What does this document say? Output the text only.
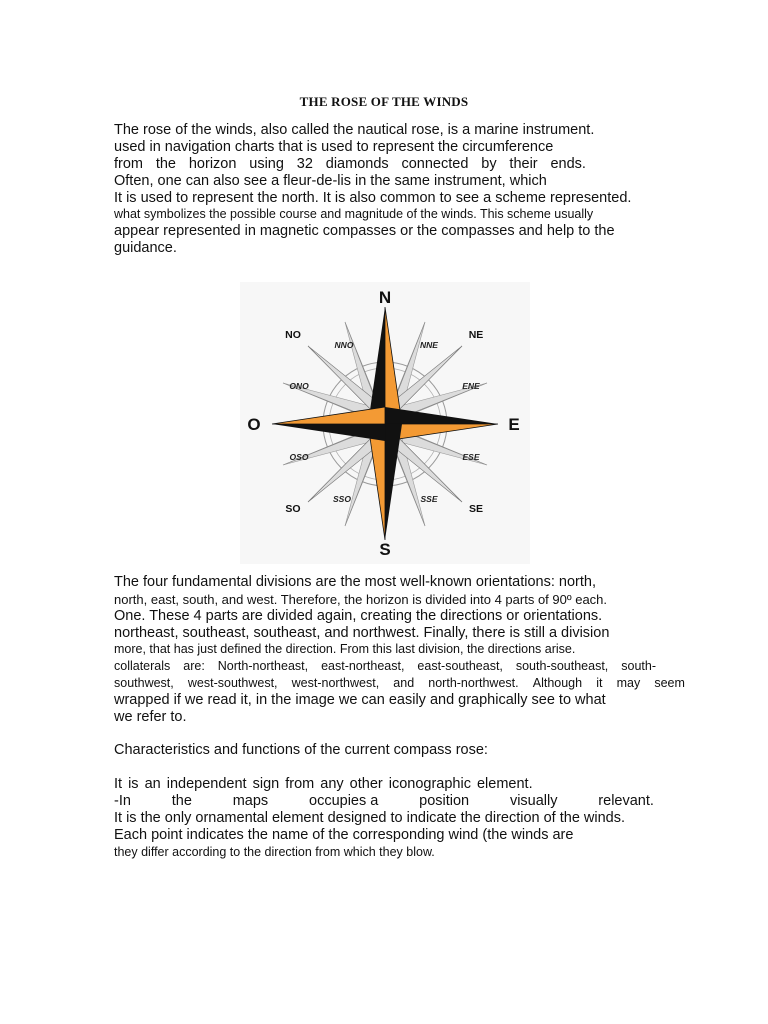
THE ROSE OF THE WINDS
The rose of the winds, also called the nautical rose, is a marine instrument.
used in navigation charts that is used to represent the circumference
from the horizon using 32 diamonds connected by their ends.
Often, one can also see a fleur-de-lis in the same instrument, which
It is used to represent the north. It is also common to see a scheme represented.
what symbolizes the possible course and magnitude of the winds. This scheme usually
appear represented in magnetic compasses or the compasses and help to the
guidance.
N
S
E
O
NE
NO
SE
SO
NNE
NNO
ENE
ONO
ESE
OSO
SSE
SSO
The four fundamental divisions are the most well-known orientations: north,
north, east, south, and west. Therefore, the horizon is divided into 4 parts of 90º each.
One. These 4 parts are divided again, creating the directions or orientations.
northeast, southeast, southeast, and northwest. Finally, there is still a division
more, that has just defined the direction. From this last division, the directions arise.
collaterals are: North-northeast, east-northeast, east-southeast, south-southeast, south-
southwest, west-southwest, west-northwest, and north-northwest. Although it may seem
wrapped if we read it, in the image we can easily and graphically see to what
we refer to.
Characteristics and functions of the current compass rose:
It is an independent sign from any other iconographic element.
-In	the	maps	occupies a	position	visually	relevant.
It is the only ornamental element designed to indicate the direction of the winds.
Each point indicates the name of the corresponding wind (the winds are
they differ according to the direction from which they blow.
